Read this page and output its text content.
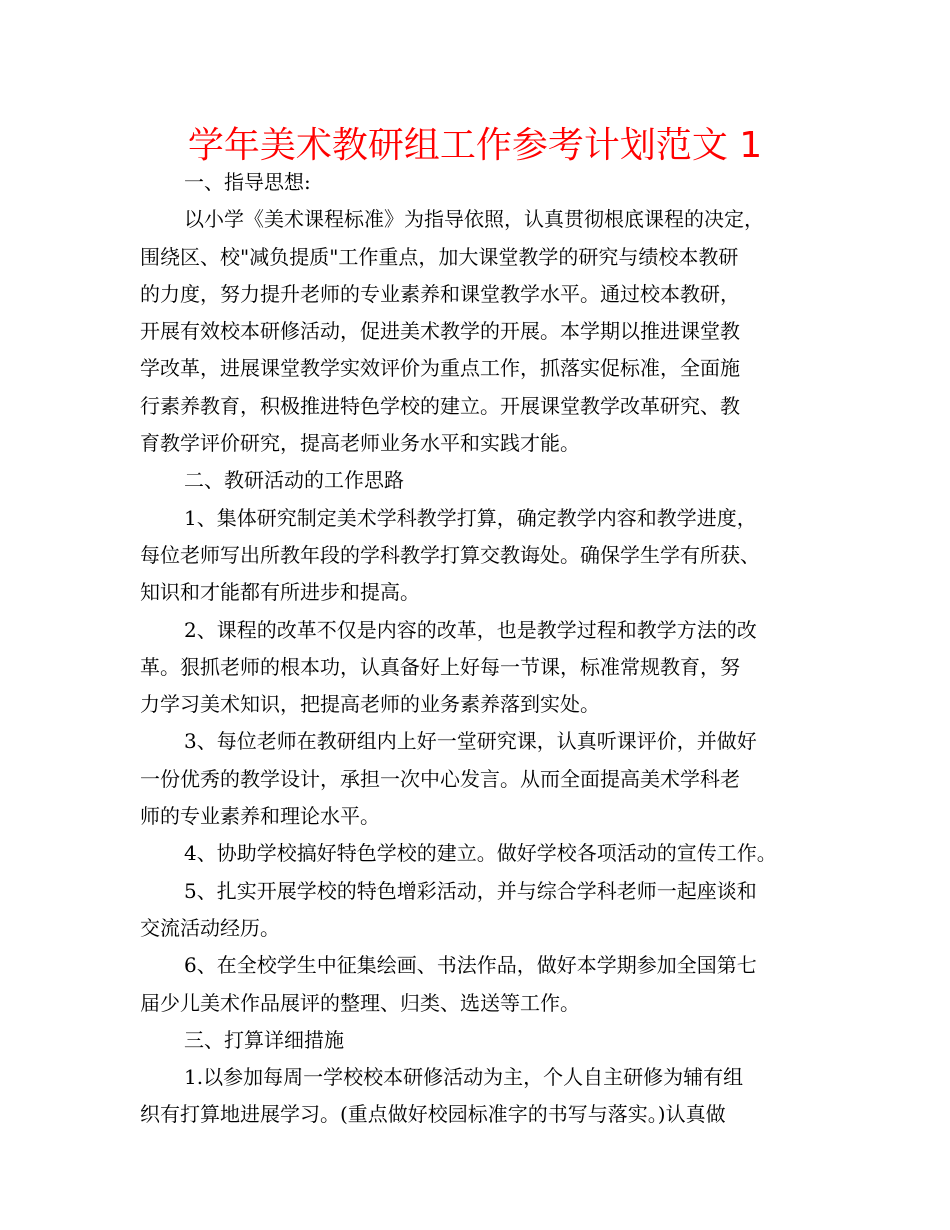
学年美术教研组工作参考计划范文 1
一、指导思想:
以小学《美术课程标准》为指导依照，认真贯彻根底课程的决定，
围绕区、校"减负提质"工作重点，加大课堂教学的研究与绩校本教研
的力度，努力提升老师的专业素养和课堂教学水平。通过校本教研，
开展有效校本研修活动，促进美术教学的开展。本学期以推进课堂教
学改革，进展课堂教学实效评价为重点工作，抓落实促标准，全面施
行素养教育，积极推进特色学校的建立。开展课堂教学改革研究、教
育教学评价研究，提高老师业务水平和实践才能。
二、教研活动的工作思路
1、集体研究制定美术学科教学打算，确定教学内容和教学进度，
每位老师写出所教年段的学科教学打算交教诲处。确保学生学有所获、
知识和才能都有所进步和提高。
2、课程的改革不仅是内容的改革，也是教学过程和教学方法的改
革。狠抓老师的根本功，认真备好上好每一节课，标准常规教育，努
力学习美术知识，把提高老师的业务素养落到实处。
3、每位老师在教研组内上好一堂研究课，认真听课评价，并做好
一份优秀的教学设计，承担一次中心发言。从而全面提高美术学科老
师的专业素养和理论水平。
4、协助学校搞好特色学校的建立。做好学校各项活动的宣传工作。
5、扎实开展学校的特色增彩活动，并与综合学科老师一起座谈和
交流活动经历。
6、在全校学生中征集绘画、书法作品，做好本学期参加全国第七
届少儿美术作品展评的整理、归类、选送等工作。
三、打算详细措施
1.以参加每周一学校校本研修活动为主，个人自主研修为辅有组
织有打算地进展学习。(重点做好校园标准字的书写与落实。)认真做
